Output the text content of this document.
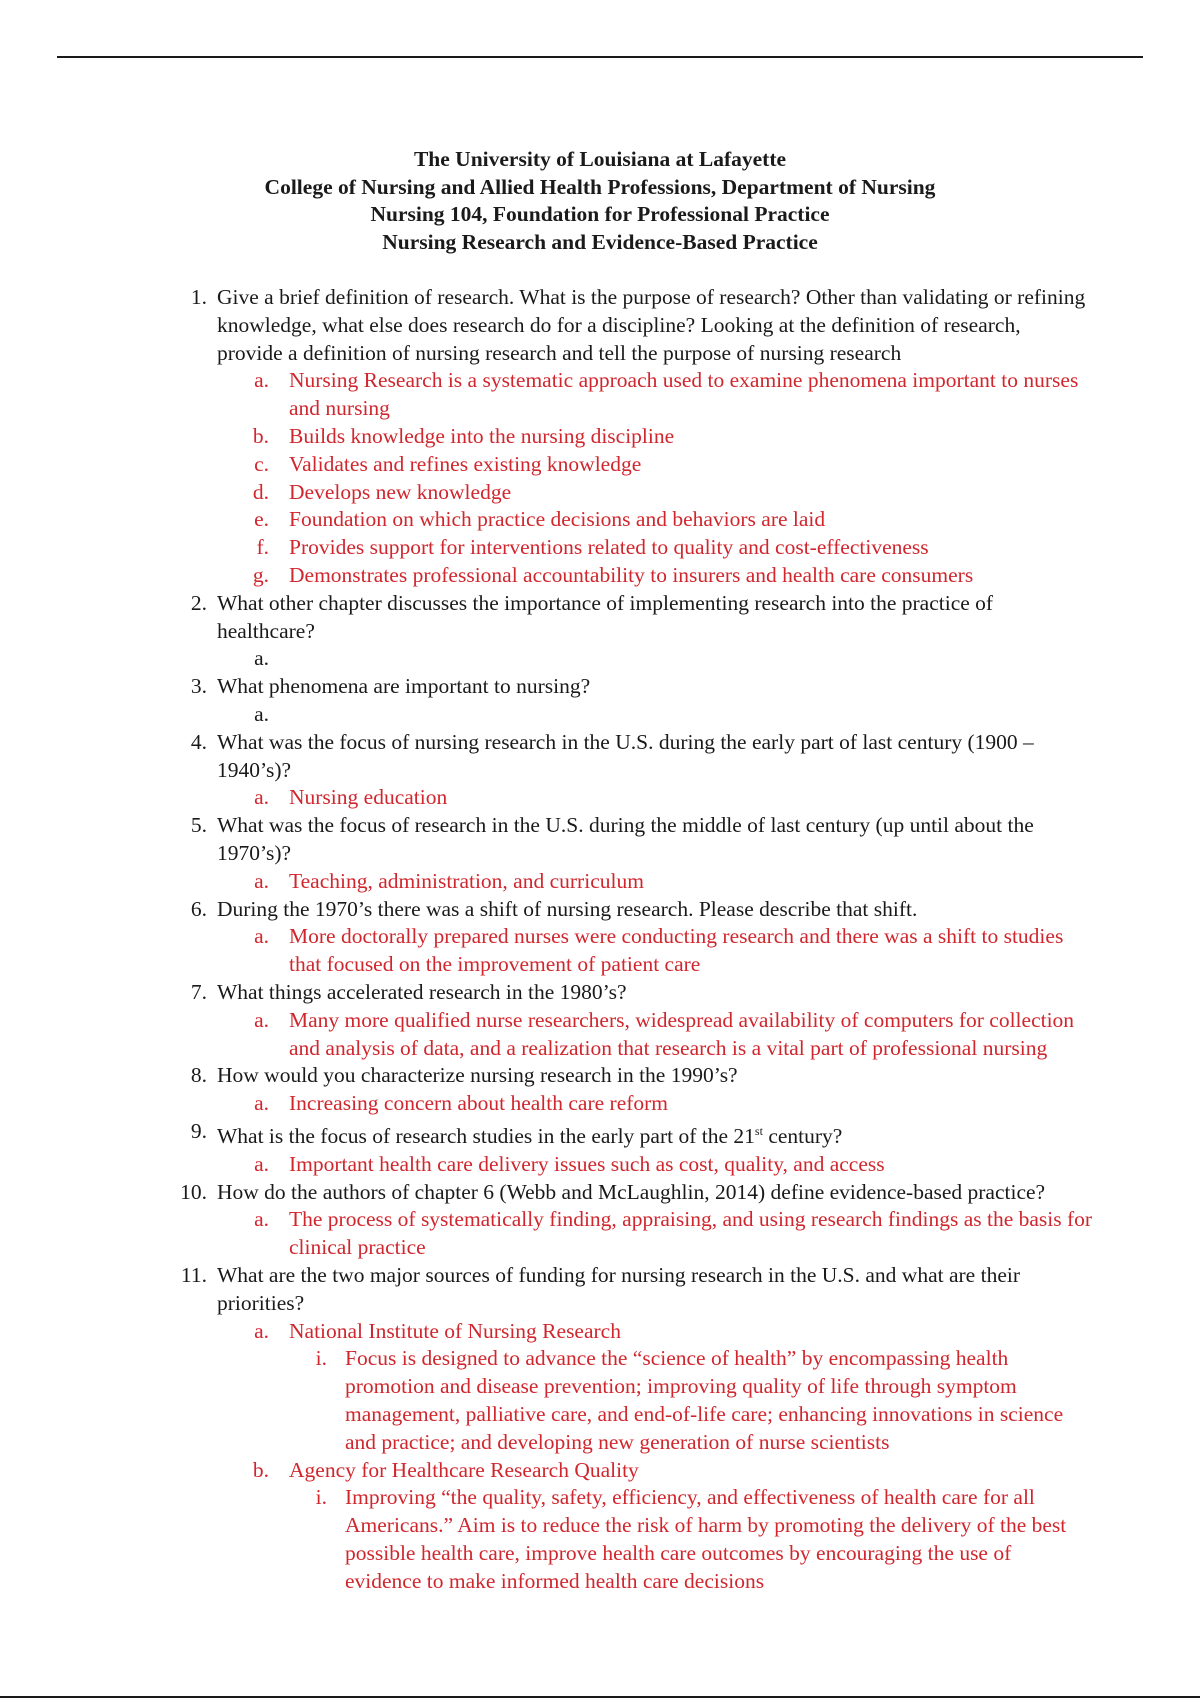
The University of Louisiana at Lafayette
College of Nursing and Allied Health Professions, Department of Nursing
Nursing 104, Foundation for Professional Practice
Nursing Research and Evidence-Based Practice
1. Give a brief definition of research. What is the purpose of research? Other than validating or refining knowledge, what else does research do for a discipline? Looking at the definition of research, provide a definition of nursing research and tell the purpose of nursing research
a. Nursing Research is a systematic approach used to examine phenomena important to nurses and nursing
b. Builds knowledge into the nursing discipline
c. Validates and refines existing knowledge
d. Develops new knowledge
e. Foundation on which practice decisions and behaviors are laid
f. Provides support for interventions related to quality and cost-effectiveness
g. Demonstrates professional accountability to insurers and health care consumers
2. What other chapter discusses the importance of implementing research into the practice of healthcare?
a.
3. What phenomena are important to nursing?
a.
4. What was the focus of nursing research in the U.S. during the early part of last century (1900 – 1940’s)?
a. Nursing education
5. What was the focus of research in the U.S. during the middle of last century (up until about the 1970’s)?
a. Teaching, administration, and curriculum
6. During the 1970’s there was a shift of nursing research. Please describe that shift.
a. More doctorally prepared nurses were conducting research and there was a shift to studies that focused on the improvement of patient care
7. What things accelerated research in the 1980’s?
a. Many more qualified nurse researchers, widespread availability of computers for collection and analysis of data, and a realization that research is a vital part of professional nursing
8. How would you characterize nursing research in the 1990’s?
a. Increasing concern about health care reform
9. What is the focus of research studies in the early part of the 21st century?
a. Important health care delivery issues such as cost, quality, and access
10. How do the authors of chapter 6 (Webb and McLaughlin, 2014) define evidence-based practice?
a. The process of systematically finding, appraising, and using research findings as the basis for clinical practice
11. What are the two major sources of funding for nursing research in the U.S. and what are their priorities?
a. National Institute of Nursing Research
i. Focus is designed to advance the “science of health” by encompassing health promotion and disease prevention; improving quality of life through symptom management, palliative care, and end-of-life care; enhancing innovations in science and practice; and developing new generation of nurse scientists
b. Agency for Healthcare Research Quality
i. Improving “the quality, safety, efficiency, and effectiveness of health care for all Americans.” Aim is to reduce the risk of harm by promoting the delivery of the best possible health care, improve health care outcomes by encouraging the use of evidence to make informed health care decisions
